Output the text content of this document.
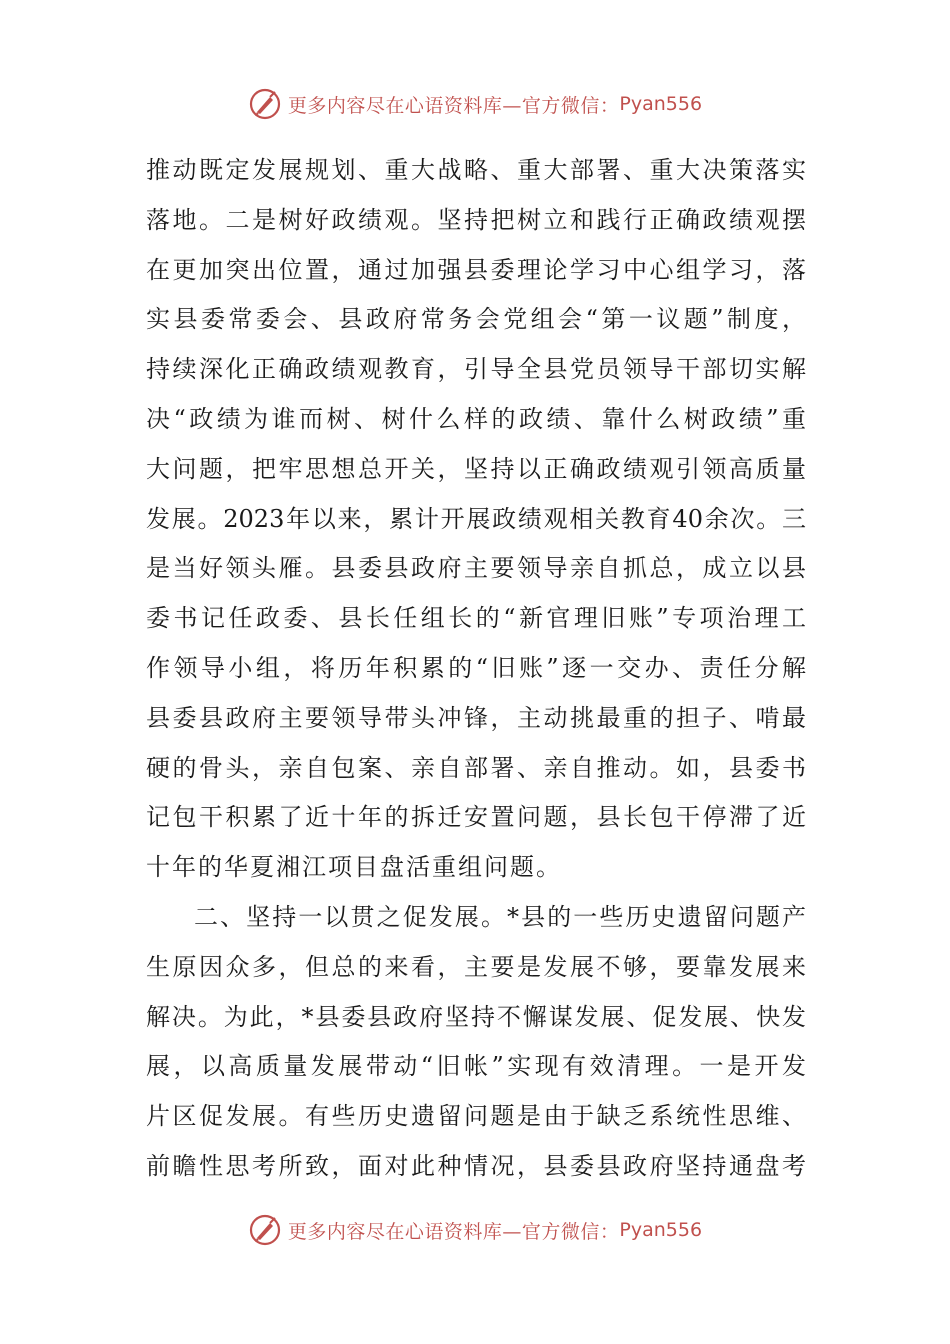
更多内容尽在心语资料库—官方微信： Pyan556
推动既定发展规划、重大战略、重大部署、重大决策落实
落地。二是树好政绩观。坚持把树立和践行正确政绩观摆
在更加突出位置，通过加强县委理论学习中心组学习，落
实县委常委会、县政府常务会党组会“第一议题”制度，
持续深化正确政绩观教育，引导全县党员领导干部切实解
决“政绩为谁而树、树什么样的政绩、靠什么树政绩”重
大问题，把牢思想总开关，坚持以正确政绩观引领高质量
发展。2023年以来，累计开展政绩观相关教育40余次。三
是当好领头雁。县委县政府主要领导亲自抓总，成立以县
委书记任政委、县长任组长的“新官理旧账”专项治理工
作领导小组，将历年积累的“旧账”逐一交办、责任分解
县委县政府主要领导带头冲锋，主动挑最重的担子、啃最
硬的骨头，亲自包案、亲自部署、亲自推动。如，县委书
记包干积累了近十年的拆迁安置问题，县长包干停滞了近
十年的华夏湘江项目盘活重组问题。
二、坚持一以贯之促发展。*县的一些历史遗留问题产
生原因众多，但总的来看，主要是发展不够，要靠发展来
解决。为此，*县委县政府坚持不懈谋发展、促发展、快发
展，以高质量发展带动“旧帐”实现有效清理。一是开发
片区促发展。有些历史遗留问题是由于缺乏系统性思维、
前瞻性思考所致，面对此种情况，县委县政府坚持通盘考
更多内容尽在心语资料库—官方微信： Pyan556
